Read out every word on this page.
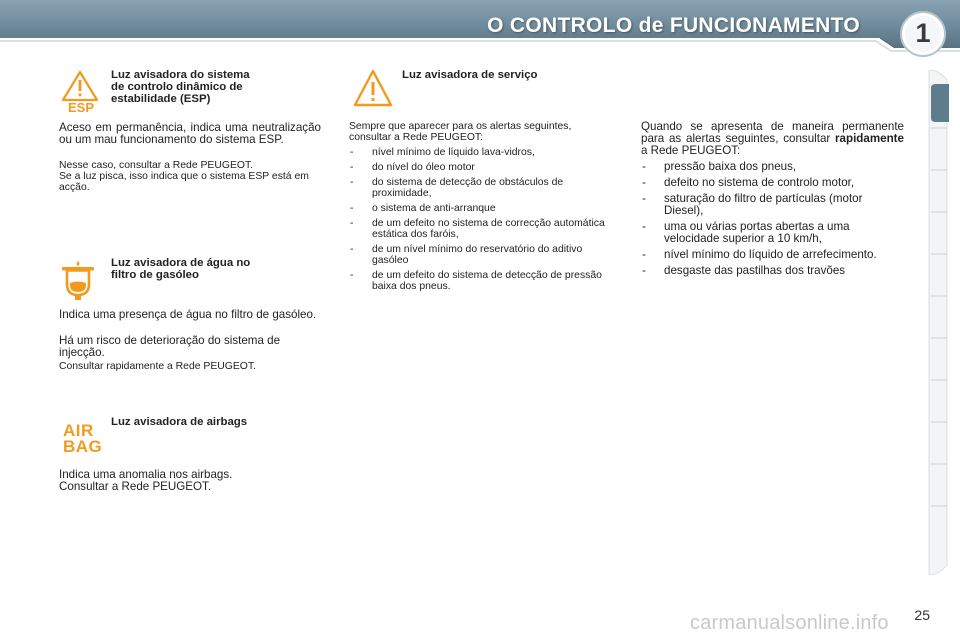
O CONTROLO de FUNCIONAMENTO	1
ESP
Luz avisadora do sistema
de controlo dinâmico de
estabilidade (ESP)
Aceso em permanência, indica uma neutralização ou um mau funcionamento do sistema ESP.
Nesse caso, consultar a Rede PEUGEOT.
Se a luz pisca, isso indica que o sistema ESP está em acção.
Luz avisadora de água no
filtro de gasóleo
Indica uma presença de água no filtro de gasóleo.
Há um risco de deterioração do sistema de injecção.
Consultar rapidamente a Rede PEUGEOT.
AIR
BAG
Luz avisadora de airbags
Indica uma anomalia nos airbags.
Consultar a Rede PEUGEOT.
Luz avisadora de serviço
Sempre que aparecer para os alertas seguintes, consultar a Rede PEUGEOT:
- nível mínimo de líquido lava-vidros,
- do nível do óleo motor
- do sistema de detecção de obstáculos de proximidade,
- o sistema de anti-arranque
- de um defeito no sistema de correcção automática estática dos faróis,
- de um nível mínimo do reservatório do aditivo gasóleo
- de um defeito do sistema de detecção de pressão baixa dos pneus.
Quando se apresenta de maneira permanente para as alertas seguintes, consultar rapidamente a Rede PEUGEOT:
- pressão baixa dos pneus,
- defeito no sistema de controlo motor,
- saturação do filtro de partículas (motor Diesel),
- uma ou várias portas abertas a uma velocidade superior a 10 km/h,
- nível mínimo do líquido de arrefecimento.
- desgaste das pastilhas dos travões
25
carmanualsonline.info
